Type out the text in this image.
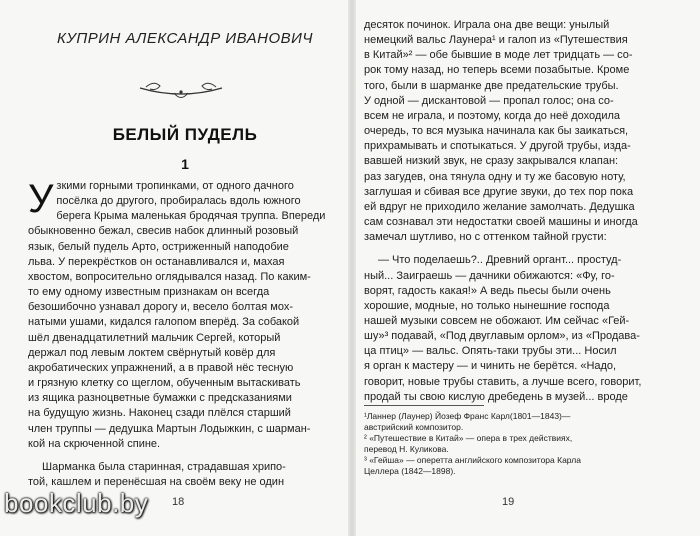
КУПРИН АЛЕКСАНДР ИВАНОВИЧ
БЕЛЫЙ ПУДЕЛЬ
1
У зкими горными тропинками, от одного дачного
посёлка до другого, пробиралась вдоль южного
берега Крыма маленькая бродячая труппа. Впереди
обыкновенно бежал, свесив набок длинный розовый
язык, белый пудель Арто, остриженный наподобие
льва. У перекрёстков он останавливался и, махая
хвостом, вопросительно оглядывался назад. По каким-
то ему одному известным признакам он всегда
безошибочно узнавал дорогу и, весело болтая мох-
натыми ушами, кидался галопом вперёд. За собакой
шёл двенадцатилетний мальчик Сергей, который
держал под левым локтем свёрнутый ковёр для
акробатических упражнений, а в правой нёс тесную
и грязную клетку со щеглом, обученным вытаскивать
из ящика разноцветные бумажки с предсказаниями
на будущую жизнь. Наконец сзади плёлся старший
член труппы — дедушка Мартын Лодыжкин, с шарман-
кой на скрюченной спине.
Шарманка была старинная, страдавшая хрипо-
той, кашлем и перенёсшая на своём веку не один
18
десяток починок. Играла она две вещи: унылый
немецкий вальс Лаунера¹ и галоп из «Путешествия
в Китай»² — обе бывшие в моде лет тридцать — со-
рок тому назад, но теперь всеми позабытые. Кроме
того, были в шарманке две предательские трубы.
У одной — дискантовой — пропал голос; она со-
всем не играла, и поэтому, когда до неё доходила
очередь, то вся музыка начинала как бы заикаться,
прихрамывать и спотыкаться. У другой трубы, изда-
вавшей низкий звук, не сразу закрывался клапан:
раз загудев, она тянула одну и ту же басовую ноту,
заглушая и сбивая все другие звуки, до тех пор пока
ей вдруг не приходило желание замолчать. Дедушка
сам сознавал эти недостатки своей машины и иногда
замечал шутливо, но с оттенком тайной грусти:
— Что поделаешь?.. Древний органт... простуд-
ный... Заиграешь — дачники обижаются: «Фу, го-
ворят, гадость какая!» А ведь пьесы были очень
хорошие, модные, но только нынешние господа
нашей музыки совсем не обожают. Им сейчас «Гей-
шу»³ подавай, «Под двуглавым орлом», из «Продава-
ца птиц» — вальс. Опять-таки трубы эти... Носил
я орган к мастеру — и чинить не берётся. «Надо,
говорит, новые трубы ставить, а лучше всего, говорит,
продай ты свою кислую дребедень в музей... вроде
¹Ланнер (Лаунер) Йозеф Франс Карл(1801—1843)—
австрийский композитор.
² «Путешествие в Китай» — опера в трех действиях,
перевод Н. Куликова.
³ «Гейша» — оперетта английского композитора Карла
Целлера (1842—1898).
19
bookclub.by
